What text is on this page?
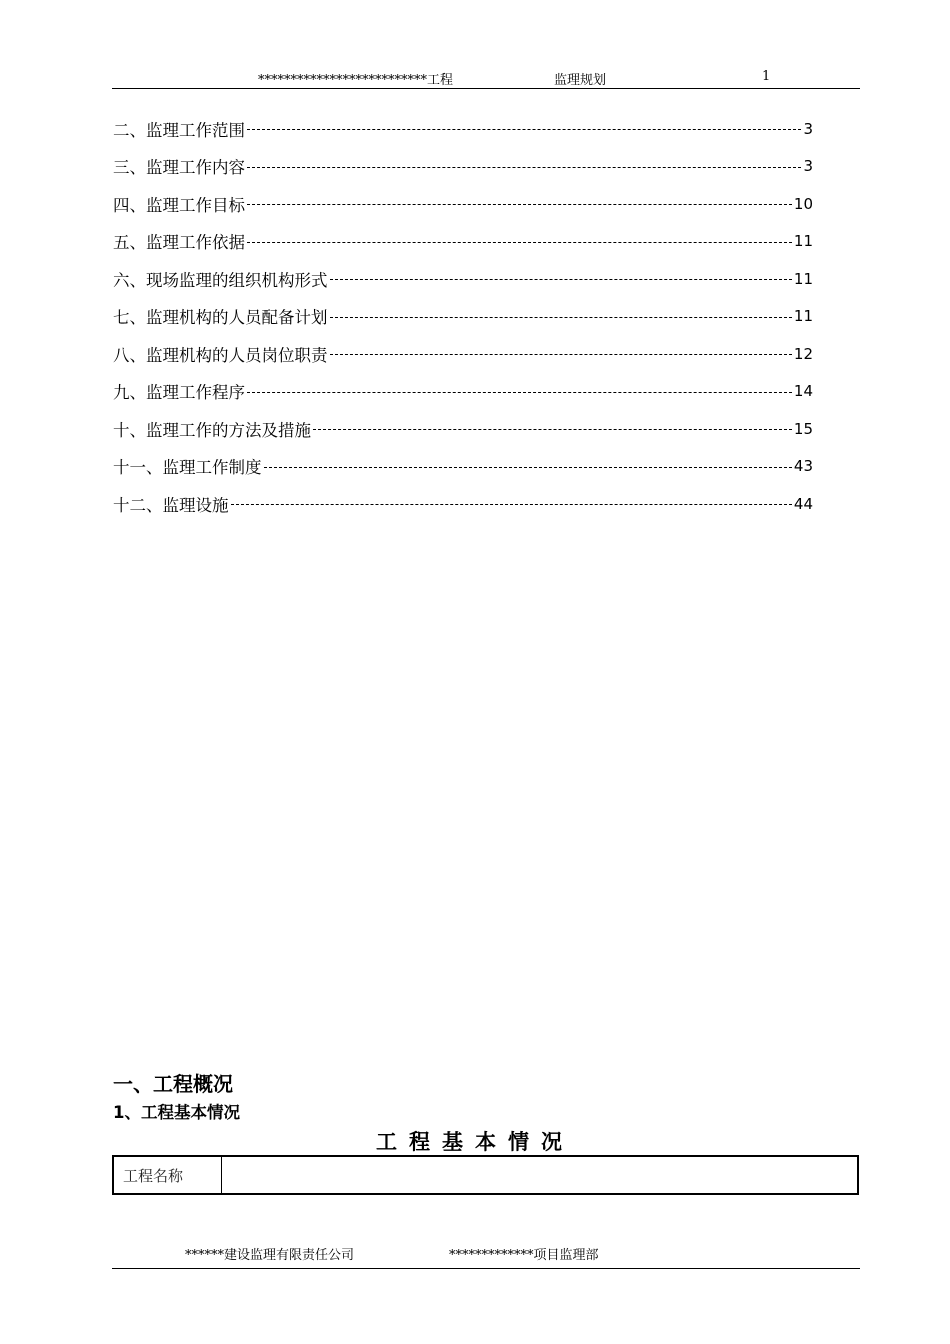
**************************工程	监理规划	1
二、监理工作范围	3
三、监理工作内容	3
四、监理工作目标	10
五、监理工作依据	11
六、现场监理的组织机构形式	11
七、监理机构的人员配备计划	11
八、监理机构的人员岗位职责	12
九、监理工作程序	14
十、监理工作的方法及措施	15
十一、监理工作制度	43
十二、监理设施	44
一、工程概况
1、工程基本情况
工程基本情况
工程名称
******建设监理有限责任公司	*************项目监理部
